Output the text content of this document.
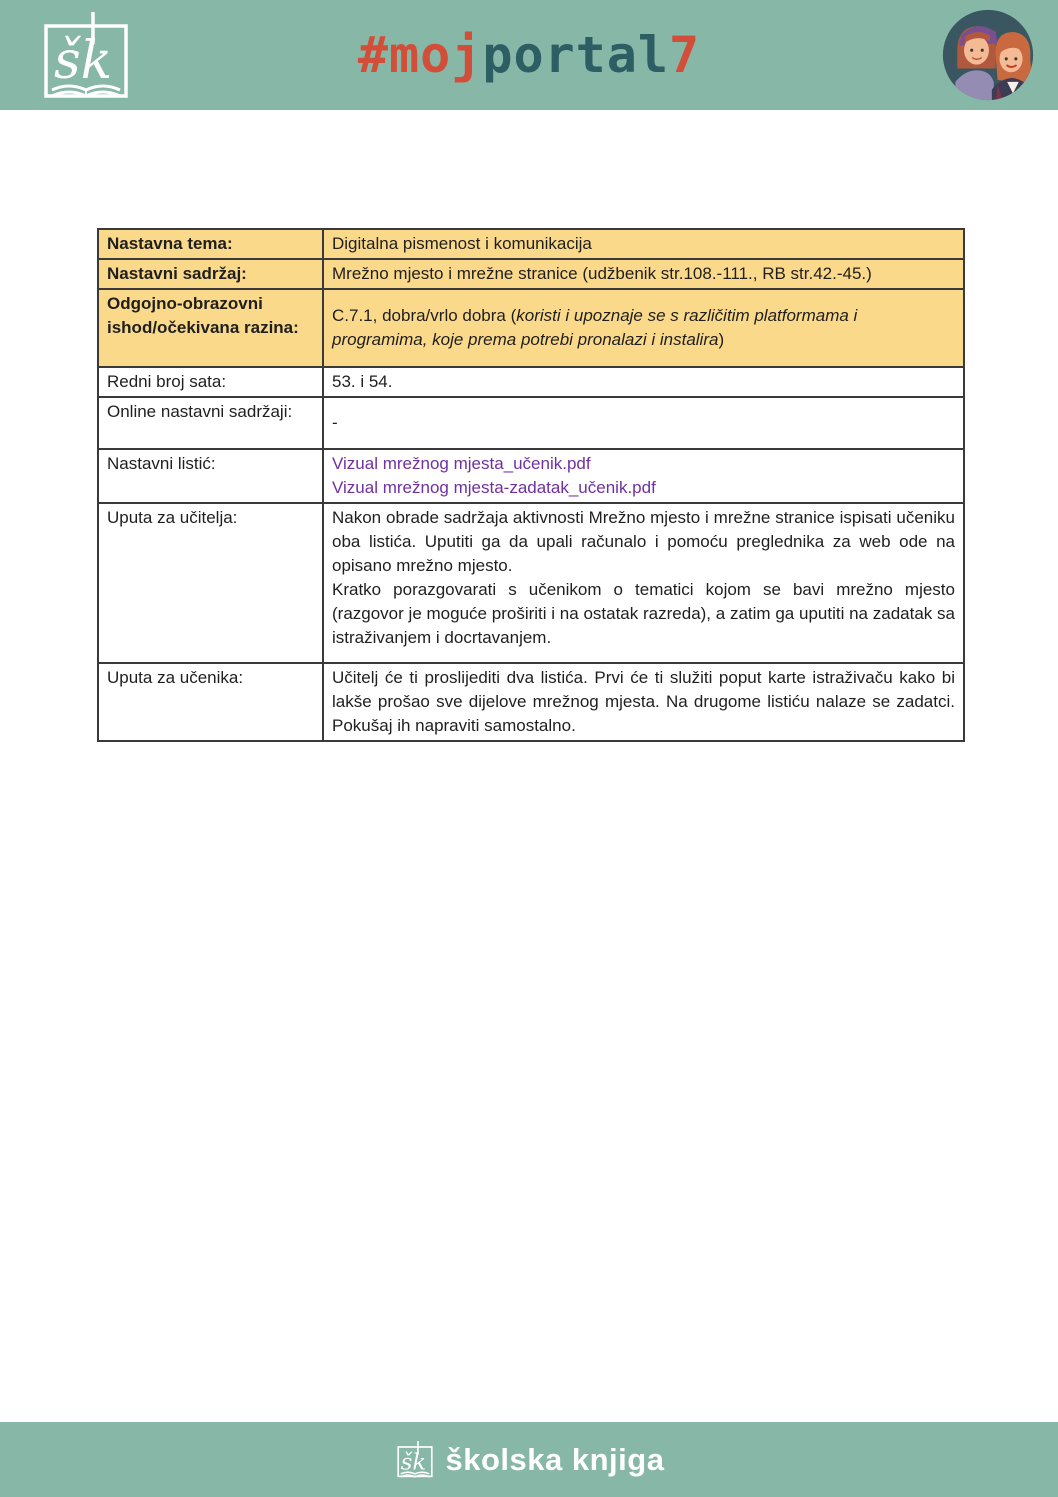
šk	#moj portal 7
Nastavna tema:	Digitalna pismenost i komunikacija
Nastavni sadržaj:	Mrežno mjesto i mrežne stranice (udžbenik str.108.-111., RB str.42.-45.)
Odgojno-obrazovni ishod/očekivana razina:	C.7.1, dobra/vrlo dobra (koristi i upoznaje se s različitim platformama i programima, koje prema potrebi pronalazi i instalira)
Redni broj sata:	53. i 54.
Online nastavni sadržaji:	-
Nastavni listić:	Vizual mrežnog mjesta_učenik.pdf
Vizual mrežnog mjesta-zadatak_učenik.pdf

Uputa za učitelja:	Nakon obrade sadržaja aktivnosti Mrežno mjesto i mrežne stranice ispisati učeniku oba listića. Uputiti ga da upali računalo i pomoću preglednika za web ode na opisano mrežno mjesto.

Kratko porazgovarati s učenikom o tematici kojom se bavi mrežno mjesto (razgovor je moguće proširiti i na ostatak razreda), a zatim ga uputiti na zadatak sa istraživanjem i docrtavanjem.

Uputa za učenika:	Učitelj će ti proslijediti dva listića. Prvi će ti služiti poput karte istraživaču kako bi lakše prošao sve dijelove mrežnog mjesta. Na drugome listiću nalaze se zadatci. Pokušaj ih napraviti samostalno.

šk školska knjiga
